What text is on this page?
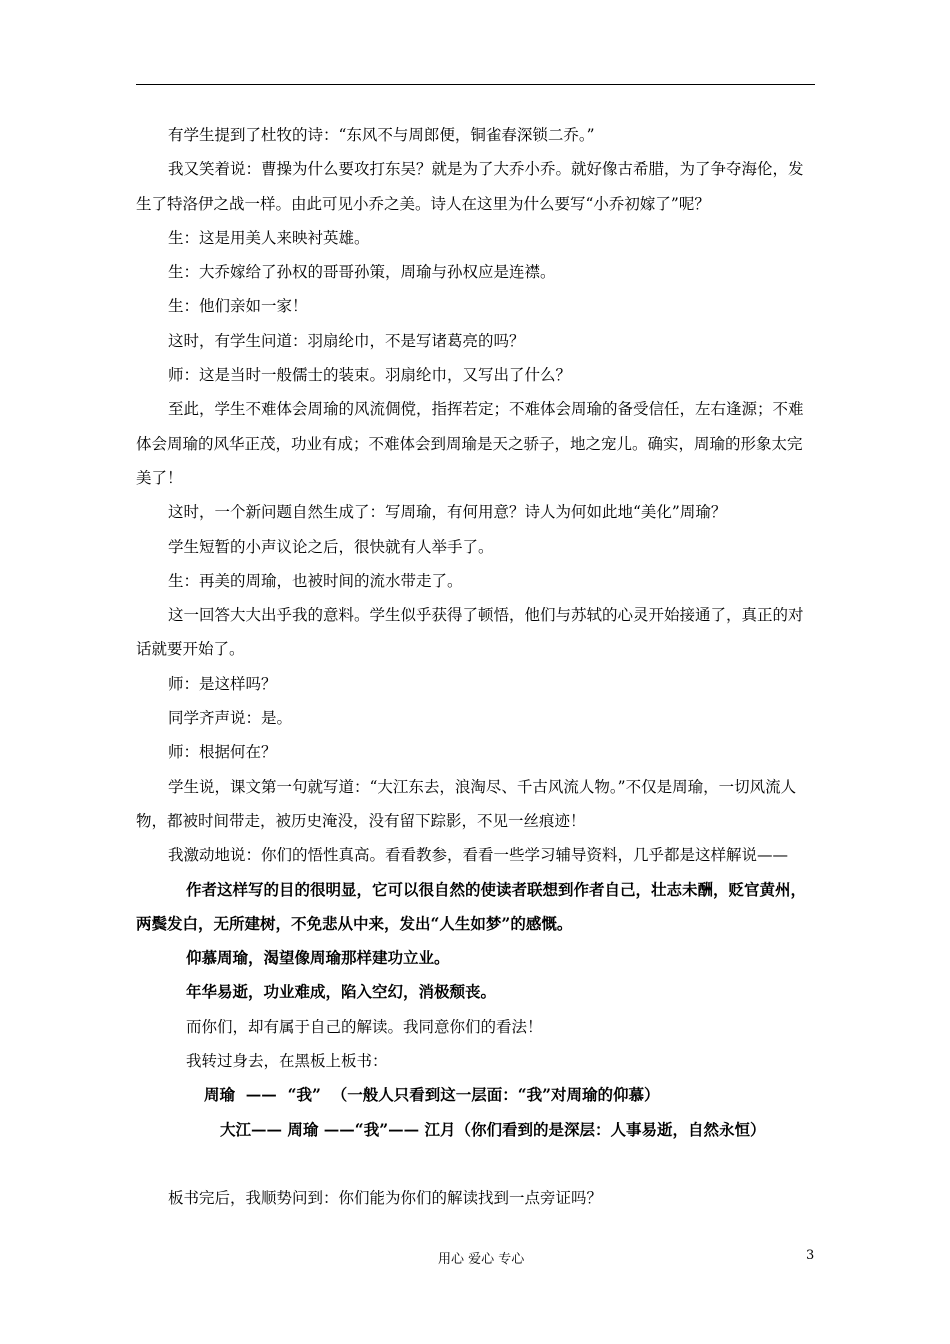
有学生提到了杜牧的诗：“东风不与周郎便，铜雀春深锁二乔。”

我又笑着说：曹操为什么要攻打东吴？就是为了大乔小乔。就好像古希腊，为了争夺海伦，发生了特洛伊之战一样。由此可见小乔之美。诗人在这里为什么要写“小乔初嫁了”呢？

生：这是用美人来映衬英雄。

生：大乔嫁给了孙权的哥哥孙策，周瑜与孙权应是连襟。

生：他们亲如一家！

这时，有学生问道：羽扇纶巾，不是写诸葛亮的吗？

师：这是当时一般儒士的装束。羽扇纶巾，又写出了什么？

至此，学生不难体会周瑜的风流倜傥，指挥若定；不难体会周瑜的备受信任，左右逢源；不难体会周瑜的风华正茂，功业有成；不难体会到周瑜是天之骄子，地之宠儿。确实，周瑜的形象太完美了！

这时，一个新问题自然生成了：写周瑜，有何用意？诗人为何如此地“美化”周瑜？

学生短暂的小声议论之后，很快就有人举手了。

生：再美的周瑜，也被时间的流水带走了。

这一回答大大出乎我的意料。学生似乎获得了顿悟，他们与苏轼的心灵开始接通了，真正的对话就要开始了。

师：是这样吗？

同学齐声说：是。

师：根据何在？

学生说，课文第一句就写道：“大江东去，浪淘尽、千古风流人物。”不仅是周瑜，一切风流人物，都被时间带走，被历史淹没，没有留下踪影，不见一丝痕迹！

我激动地说：你们的悟性真高。看看教参，看看一些学习辅导资料，几乎都是这样解说——

作者这样写的目的很明显，它可以很自然的使读者联想到作者自己，壮志未酬，贬官黄州，两鬓发白，无所建树，不免悲从中来，发出“人生如梦”的感慨。

仰慕周瑜，渴望像周瑜那样建功立业。

年华易逝，功业难成，陷入空幻，消极颓丧。

而你们，却有属于自己的解读。我同意你们的看法！

我转过身去，在黑板上板书：

周瑜  ——  “我”  （一般人只看到这一层面：“我”对周瑜的仰慕）

大江—— 周瑜 ——“我”—— 江月（你们看到的是深层：人事易逝，自然永恒）

板书完后，我顺势问到：你们能为你们的解读找到一点旁证吗？

用心 爱心 专心	3
